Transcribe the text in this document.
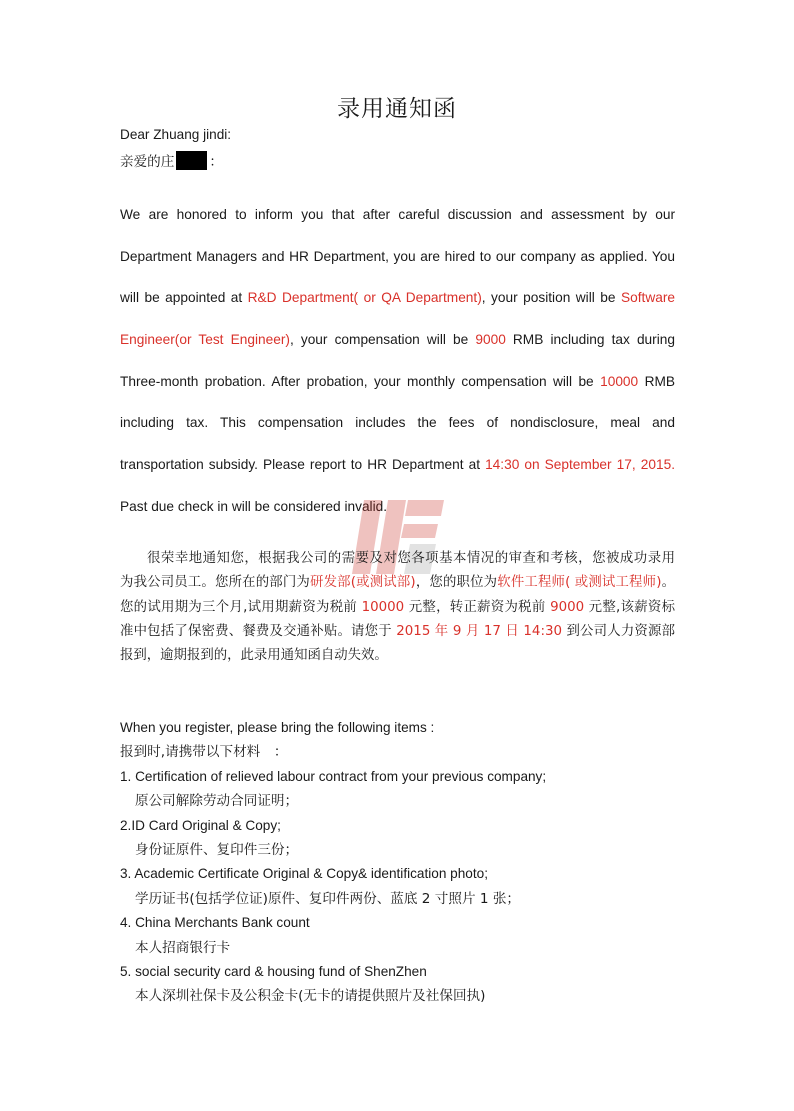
录用通知函
Dear Zhuang jindi:
亲爱的庄	：
We are honored to inform you that after careful discussion and assessment by our
Department Managers and HR Department, you are hired to our company as applied. You
will be appointed at R&D Department( or QA Department), your position will be Software
Engineer(or Test Engineer), your compensation will be 9000 RMB including tax during
Three-month probation. After probation, your monthly compensation will be 10000 RMB
including tax. This compensation includes the fees of nondisclosure, meal and
transportation subsidy. Please report to HR Department at 14:30 on September 17, 2015.
Past due check in will be considered invalid.
很荣幸地通知您，根据我公司的需要及对您各项基本情况的审查和考核，您被成功录用
为我公司员工。您所在的部门为研发部(或测试部)，您的职位为软件工程师( 或测试工程师)。
您的试用期为三个月,试用期薪资为税前 10000 元整，转正薪资为税前 9000 元整,该薪资标
准中包括了保密费、餐费及交通补贴。请您于 2015 年 9 月 17 日 14:30 到公司人力资源部
报到，逾期报到的，此录用通知函自动失效。
When you register, please bring the following items :
报到时,请携带以下材料　：
1. Certification of relieved labour contract from your previous company;
原公司解除劳动合同证明；
2.ID Card Original & Copy;
身份证原件、复印件三份；
3. Academic Certificate Original & Copy& identification photo;
学历证书(包括学位证)原件、复印件两份、蓝底 2 寸照片 1 张；
4. China Merchants Bank count
本人招商银行卡
5. social security card & housing fund of ShenZhen
本人深圳社保卡及公积金卡(无卡的请提供照片及社保回执)
